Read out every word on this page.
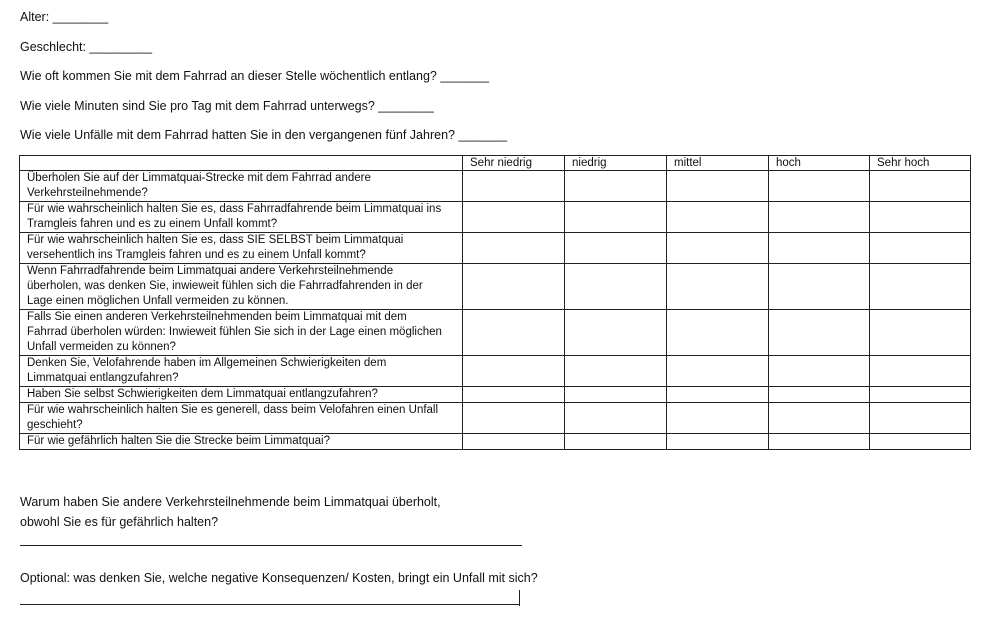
Alter: ________
Geschlecht: _________
Wie oft kommen Sie mit dem Fahrrad an dieser Stelle wöchentlich entlang? _______
Wie viele Minuten sind Sie pro Tag mit dem Fahrrad unterwegs? ________
Wie viele Unfälle mit dem Fahrrad hatten Sie in den vergangenen fünf Jahren? _______
	Sehr niedrig	niedrig	mittel	hoch	Sehr hoch
Überholen Sie auf der Limmatquai-Strecke mit dem Fahrrad andere Verkehrsteilnehmende?					
Für wie wahrscheinlich halten Sie es, dass Fahrradfahrende beim Limmatquai ins Tramgleis fahren und es zu einem Unfall kommt?					
Für wie wahrscheinlich halten Sie es, dass SIE SELBST beim Limmatquai versehentlich ins Tramgleis fahren und es zu einem Unfall kommt?					
Wenn Fahrradfahrende beim Limmatquai andere Verkehrsteilnehmende überholen, was denken Sie, inwieweit fühlen sich die Fahrradfahrenden in der Lage einen möglichen Unfall vermeiden zu können.					
Falls Sie einen anderen Verkehrsteilnehmenden beim Limmatquai mit dem Fahrrad überholen würden: Inwieweit fühlen Sie sich in der Lage einen möglichen Unfall vermeiden zu können?					
Denken Sie, Velofahrende haben im Allgemeinen Schwierigkeiten dem Limmatquai entlangzufahren?					
Haben Sie selbst Schwierigkeiten dem Limmatquai entlangzufahren?					
Für wie wahrscheinlich halten Sie es generell, dass beim Velofahren einen Unfall geschieht?					
Für wie gefährlich halten Sie die Strecke beim Limmatquai?					
Warum haben Sie andere Verkehrsteilnehmende beim Limmatquai überholt,
obwohl Sie es für gefährlich halten?
Optional: was denken Sie, welche negative Konsequenzen/ Kosten, bringt ein Unfall mit sich?
